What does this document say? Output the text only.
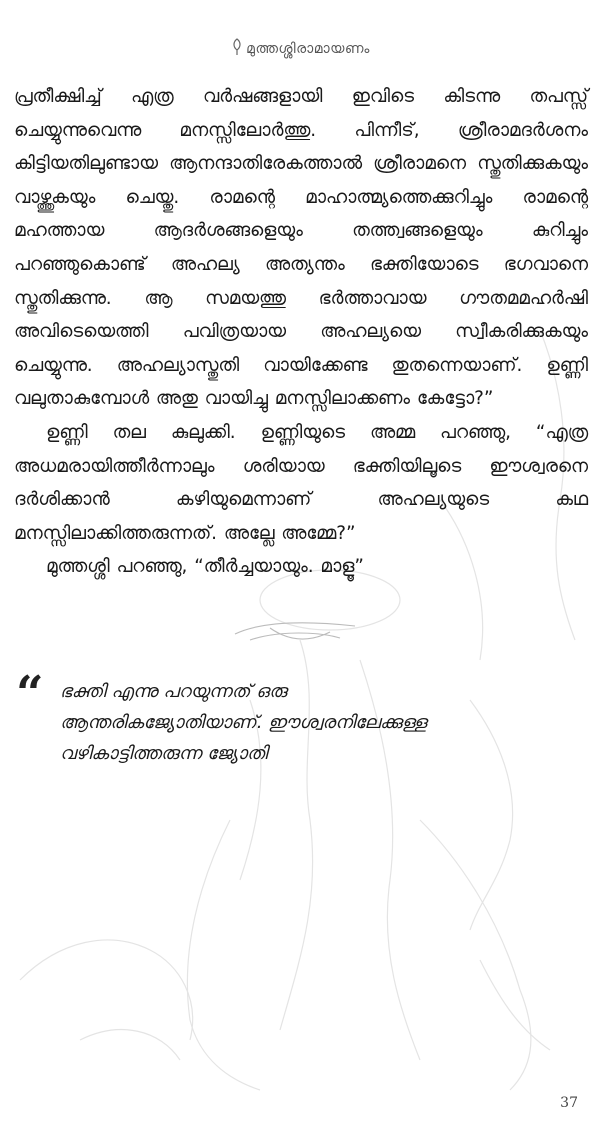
മുത്തശ്ശിരാമായണം

പ്രതീക്ഷിച്ച് എത്ര വർഷങ്ങളായി ഇവിടെ കിടന്നു തപസ്സ് ചെയ്യുന്നുവെന്നു മനസ്സിലോർത്തു. പിന്നീട്, ശ്രീരാമദർശനം കിട്ടിയതിലുണ്ടായ ആനന്ദാതിരേകത്താൽ ശ്രീരാമനെ സ്തുതിക്കുകയും വാഴ്ത്തുകയും ചെയ്തു. രാമന്റെ മാഹാത്മ്യത്തെക്കുറിച്ചും രാമന്റെ മഹത്തായ ആദർശങ്ങളെയും തത്ത്വങ്ങളെയും കുറിച്ചും പറഞ്ഞുകൊണ്ട് അഹല്യ അത്യന്തം ഭക്തിയോടെ ഭഗവാനെ സ്തുതിക്കുന്നു. ആ സമയത്തു ഭർത്താവായ ഗൗതമമഹർഷി അവിടെയെത്തി പവിത്രയായ അഹല്യയെ സ്വീകരിക്കുകയും ചെയ്യുന്നു. അഹല്യാസ്തുതി വായിക്കേണ്ട തുതന്നെയാണ്. ഉണ്ണി വലുതാകുമ്പോൾ അതു വായിച്ചു മനസ്സിലാക്കണം കേട്ടോ?”

ഉണ്ണി തല കുലുക്കി. ഉണ്ണിയുടെ അമ്മ പറഞ്ഞു, “എത്ര അധമരായിത്തീർന്നാലും ശരിയായ ഭക്തിയിലൂടെ ഈശ്വരനെ ദർശിക്കാൻ കഴിയുമെന്നാണ് അഹല്യയുടെ കഥ മനസ്സിലാക്കിത്തരുന്നത്. അല്ലേ അമ്മേ?”

മുത്തശ്ശി പറഞ്ഞു, “തീർച്ചയായും. മാളൂ”

“ ഭക്തി എന്നു പറയുന്നത് ഒരു
ആന്തരികജ്യോതിയാണ്. ഈശ്വരനിലേക്കുള്ള
വഴികാട്ടിത്തരുന്ന ജ്യോതി
37
